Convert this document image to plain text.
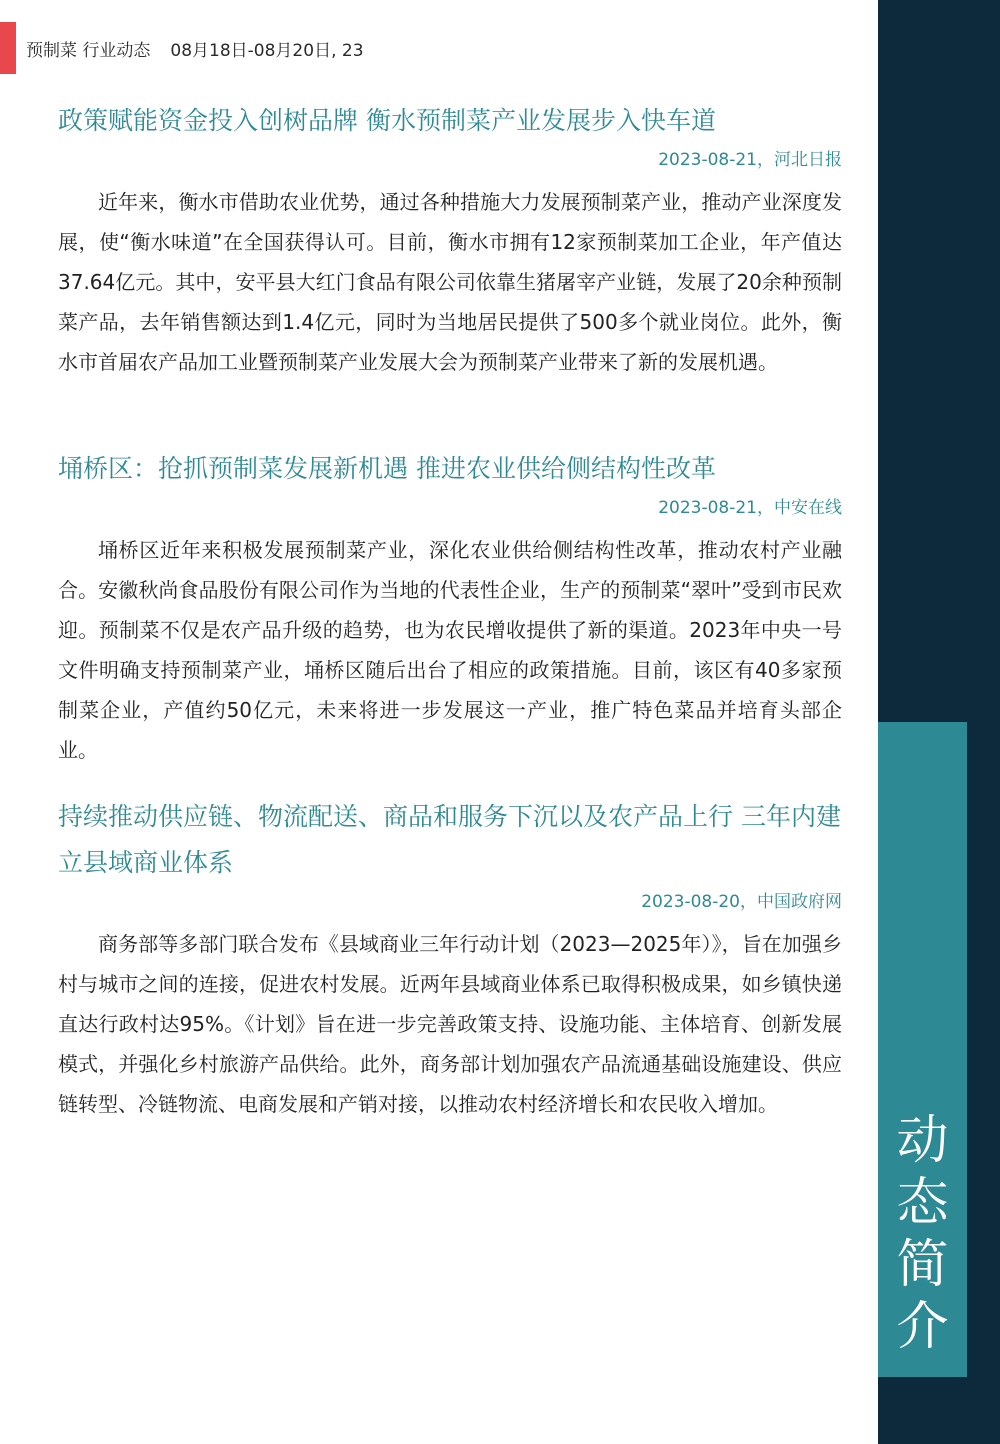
预制菜 行业动态 08月18日-08月20日, 23
动
态
简
介
政策赋能资金投入创树品牌 衡水预制菜产业发展步入快车道
2023-08-21，河北日报

近年来，衡水市借助农业优势，通过各种措施大力发展预制菜产业，推动产业深度发展，使“衡水味道”在全国获得认可。目前，衡水市拥有12家预制菜加工企业，年产值达37.64亿元。其中，安平县大红门食品有限公司依靠生猪屠宰产业链，发展了20余种预制菜产品，去年销售额达到1.4亿元，同时为当地居民提供了500多个就业岗位。此外，衡水市首届农产品加工业暨预制菜产业发展大会为预制菜产业带来了新的发展机遇。

埇桥区：抢抓预制菜发展新机遇 推进农业供给侧结构性改革
2023-08-21，中安在线

埇桥区近年来积极发展预制菜产业，深化农业供给侧结构性改革，推动农村产业融合。安徽秋尚食品股份有限公司作为当地的代表性企业，生产的预制菜“翠叶”受到市民欢迎。预制菜不仅是农产品升级的趋势，也为农民增收提供了新的渠道。2023年中央一号文件明确支持预制菜产业，埇桥区随后出台了相应的政策措施。目前，该区有40多家预制菜企业，产值约50亿元，未来将进一步发展这一产业，推广特色菜品并培育头部企业。

持续推动供应链、物流配送、商品和服务下沉以及农产品上行 三年内建立县域商业体系
2023-08-20，中国政府网

商务部等多部门联合发布《县域商业三年行动计划（2023—2025年）》，旨在加强乡村与城市之间的连接，促进农村发展。近两年县域商业体系已取得积极成果，如乡镇快递直达行政村达95%。《计划》旨在进一步完善政策支持、设施功能、主体培育、创新发展模式，并强化乡村旅游产品供给。此外，商务部计划加强农产品流通基础设施建设、供应链转型、冷链物流、电商发展和产销对接，以推动农村经济增长和农民收入增加。
